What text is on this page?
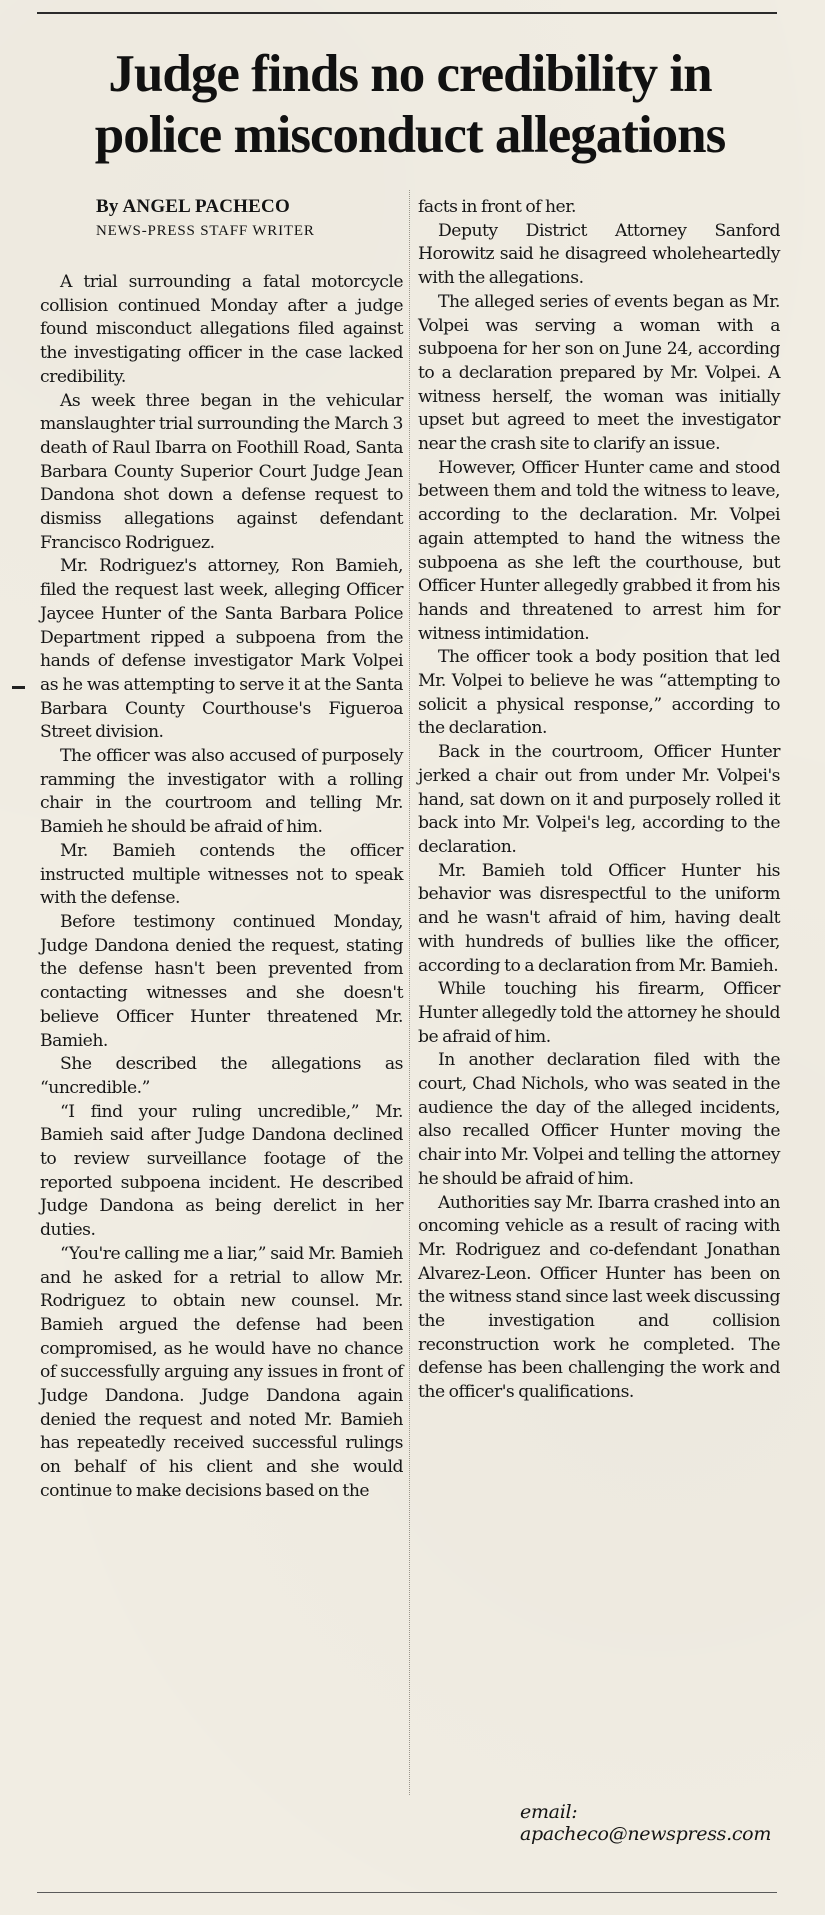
Judge finds no credibility in police misconduct allegations
By ANGEL PACHECO
NEWS-PRESS STAFF WRITER

A trial surrounding a fatal motorcycle collision continued Monday after a judge found misconduct allegations filed against the investigating officer in the case lacked credibility.

As week three began in the vehicular manslaughter trial surrounding the March 3 death of Raul Ibarra on Foothill Road, Santa Barbara County Superior Court Judge Jean Dandona shot down a defense request to dismiss allegations against defendant Francisco Rodriguez.

Mr. Rodriguez's attorney, Ron Bamieh, filed the request last week, alleging Officer Jaycee Hunter of the Santa Barbara Police Department ripped a subpoena from the hands of defense investigator Mark Volpei as he was attempting to serve it at the Santa Barbara County Courthouse's Figueroa Street division.

The officer was also accused of purposely ramming the investigator with a rolling chair in the courtroom and telling Mr. Bamieh he should be afraid of him.

Mr. Bamieh contends the officer instructed multiple witnesses not to speak with the defense.

Before testimony continued Monday, Judge Dandona denied the request, stating the defense hasn't been prevented from contacting witnesses and she doesn't believe Officer Hunter threatened Mr. Bamieh.

She described the allegations as “uncredible.”

“I find your ruling uncredible,” Mr. Bamieh said after Judge Dandona declined to review surveillance footage of the reported subpoena incident. He described Judge Dandona as being derelict in her duties.

“You're calling me a liar,” said Mr. Bamieh and he asked for a retrial to allow Mr. Rodriguez to obtain new counsel. Mr. Bamieh argued the defense had been compromised, as he would have no chance of successfully arguing any issues in front of Judge Dandona. Judge Dandona again denied the request and noted Mr. Bamieh has repeatedly received successful rulings on behalf of his client and she would continue to make decisions based on the

facts in front of her.

Deputy District Attorney Sanford Horowitz said he disagreed wholeheartedly with the allegations.

The alleged series of events began as Mr. Volpei was serving a woman with a subpoena for her son on June 24, according to a declaration prepared by Mr. Volpei. A witness herself, the woman was initially upset but agreed to meet the investigator near the crash site to clarify an issue.

However, Officer Hunter came and stood between them and told the witness to leave, according to the declaration. Mr. Volpei again attempted to hand the witness the subpoena as she left the courthouse, but Officer Hunter allegedly grabbed it from his hands and threatened to arrest him for witness intimidation.

The officer took a body position that led Mr. Volpei to believe he was “attempting to solicit a physical response,” according to the declaration.

Back in the courtroom, Officer Hunter jerked a chair out from under Mr. Volpei's hand, sat down on it and purposely rolled it back into Mr. Volpei's leg, according to the declaration.

Mr. Bamieh told Officer Hunter his behavior was disrespectful to the uniform and he wasn't afraid of him, having dealt with hundreds of bullies like the officer, according to a declaration from Mr. Bamieh.

While touching his firearm, Officer Hunter allegedly told the attorney he should be afraid of him.

In another declaration filed with the court, Chad Nichols, who was seated in the audience the day of the alleged incidents, also recalled Officer Hunter moving the chair into Mr. Volpei and telling the attorney he should be afraid of him.

Authorities say Mr. Ibarra crashed into an oncoming vehicle as a result of racing with Mr. Rodriguez and co-defendant Jonathan Alvarez-Leon. Officer Hunter has been on the witness stand since last week discussing the investigation and collision reconstruction work he completed. The defense has been challenging the work and the officer's qualifications.

email: apacheco@newspress.com
